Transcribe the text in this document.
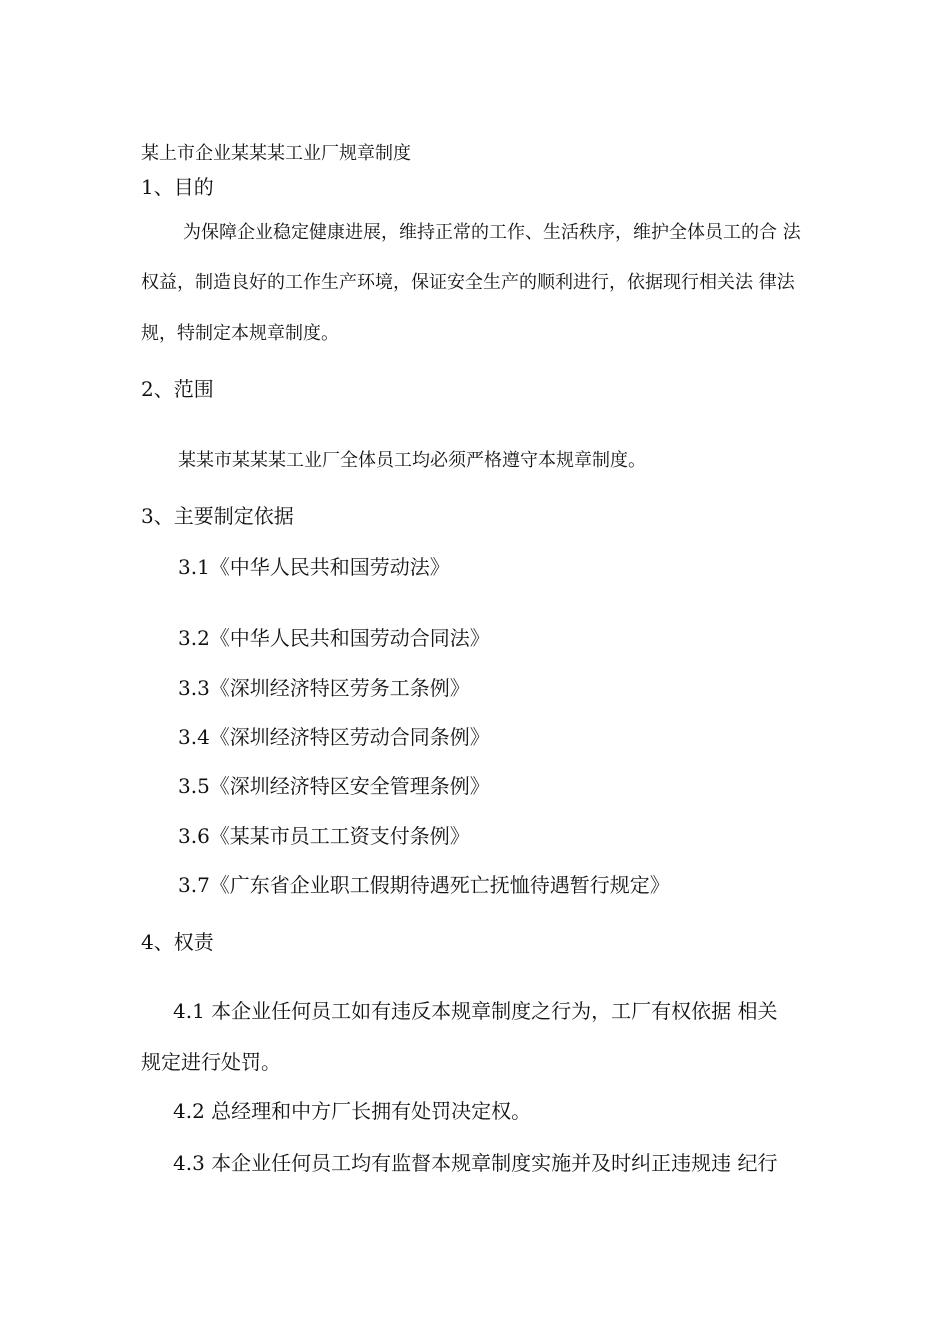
某上市企业某某某工业厂规章制度
1、目的
为保障企业稳定健康进展，维持正常的工作、生活秩序，维护全体员工的合 法
权益，制造良好的工作生产环境，保证安全生产的顺利进行，依据现行相关法 律法
规，特制定本规章制度。
2、范围
某某市某某某工业厂全体员工均必须严格遵守本规章制度。
3、主要制定依据
3.1《中华人民共和国劳动法》
3.2《中华人民共和国劳动合同法》
3.3《深圳经济特区劳务工条例》
3.4《深圳经济特区劳动合同条例》
3.5《深圳经济特区安全管理条例》
3.6《某某市员工工资支付条例》
3.7《广东省企业职工假期待遇死亡抚恤待遇暂行规定》
4、权责
4.1 本企业任何员工如有违反本规章制度之行为，工厂有权依据 相关
规定进行处罚。
4.2 总经理和中方厂长拥有处罚决定权。
4.3 本企业任何员工均有监督本规章制度实施并及时纠正违规违 纪行
